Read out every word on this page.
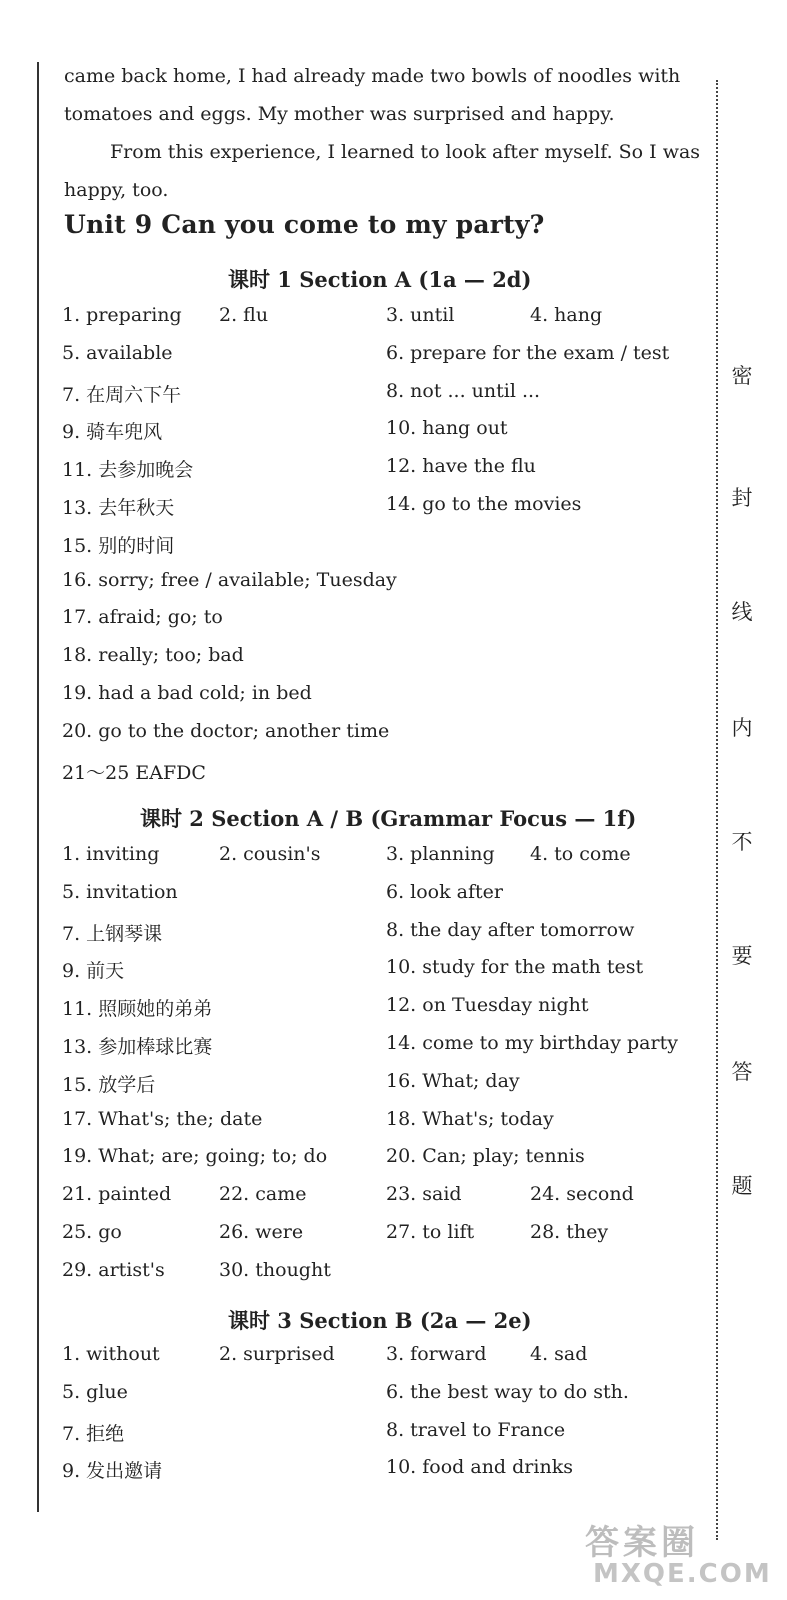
came back home, I had already made two bowls of noodles with
tomatoes and eggs. My mother was surprised and happy.
From this experience, I learned to look after myself. So I was
happy, too.
Unit 9 Can you come to my party?
课时 1 Section A (1a — 2d)
课时 2 Section A / B (Grammar Focus — 1f)
课时 3 Section B (2a — 2e)
1. preparing 2. flu	3. until	4. hang
5. available	6. prepare for the exam / test
7. 在周六下午	8. not ... until ...
9. 骑车兜风	10. hang out
11. 去参加晚会	12. have the flu
13. 去年秋天	14. go to the movies
15. 别的时间
16. sorry; free / available; Tuesday
17. afraid; go; to
18. really; too; bad
19. had a bad cold; in bed
20. go to the doctor; another time
21～25 EAFDC
1. inviting	2. cousin's	3. planning 4. to come
5. invitation	6. look after
7. 上钢琴课	8. the day after tomorrow
9. 前天	10. study for the math test
11. 照顾她的弟弟	12. on Tuesday night
13. 参加棒球比赛	14. come to my birthday party
15. 放学后	16. What; day
17. What's; the; date	18. What's; today
19. What; are; going; to; do	20. Can; play; tennis
21. painted	22. came	23. said	24. second
25. go	26. were	27. to lift	28. they
29. artist's	30. thought
1. without	2. surprised	3. forward 4. sad
5. glue	6. the best way to do sth.
7. 拒绝	8. travel to France
9. 发出邀请	10. food and drinks
密
封
线
内
不
要
答
题
答案圈
MXQE.COM
